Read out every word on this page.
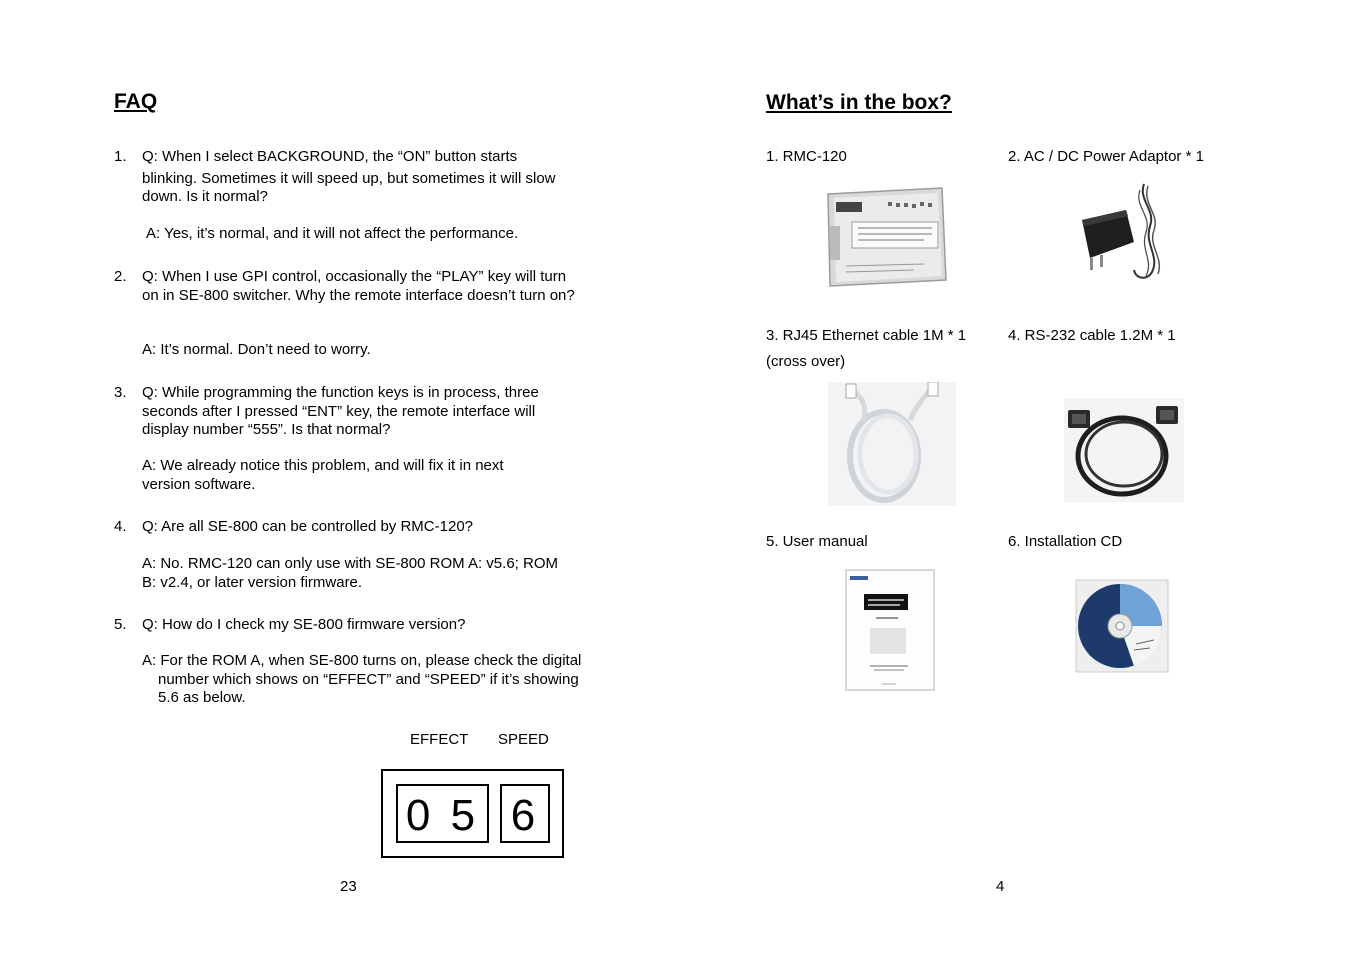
FAQ
1. Q: When I select BACKGROUND, the “ON” button starts
blinking. Sometimes it will speed up, but sometimes it will slow down. Is it normal?
A: Yes, it’s normal, and it will not affect the performance.
2. Q: When I use GPI control, occasionally the “PLAY” key will turn on in SE-800 switcher. Why the remote interface doesn’t turn on?
A: It’s normal. Don’t need to worry.
3. Q: While programming the function keys is in process, three seconds after I pressed “ENT” key, the remote interface will display number “555”. Is that normal?
A: We already notice this problem, and will fix it in next version software.
4. Q: Are all SE-800 can be controlled by RMC-120?
A: No. RMC-120 can only use with SE-800 ROM A: v5.6; ROM B: v2.4, or later version firmware.
5. Q: How do I check my SE-800 firmware version?
A: For the ROM A, when SE-800 turns on, please check the digital number which shows on “EFFECT” and “SPEED” if it’s showing 5.6 as below.
EFFECT SPEED
0 5 6
23
What’s in the box?
1. RMC-120	2. AC / DC Power Adaptor * 1
3. RJ45 Ethernet cable 1M * 1
(cross over)
4. RS-232 cable 1.2M * 1
5. User manual	6. Installation CD
4
